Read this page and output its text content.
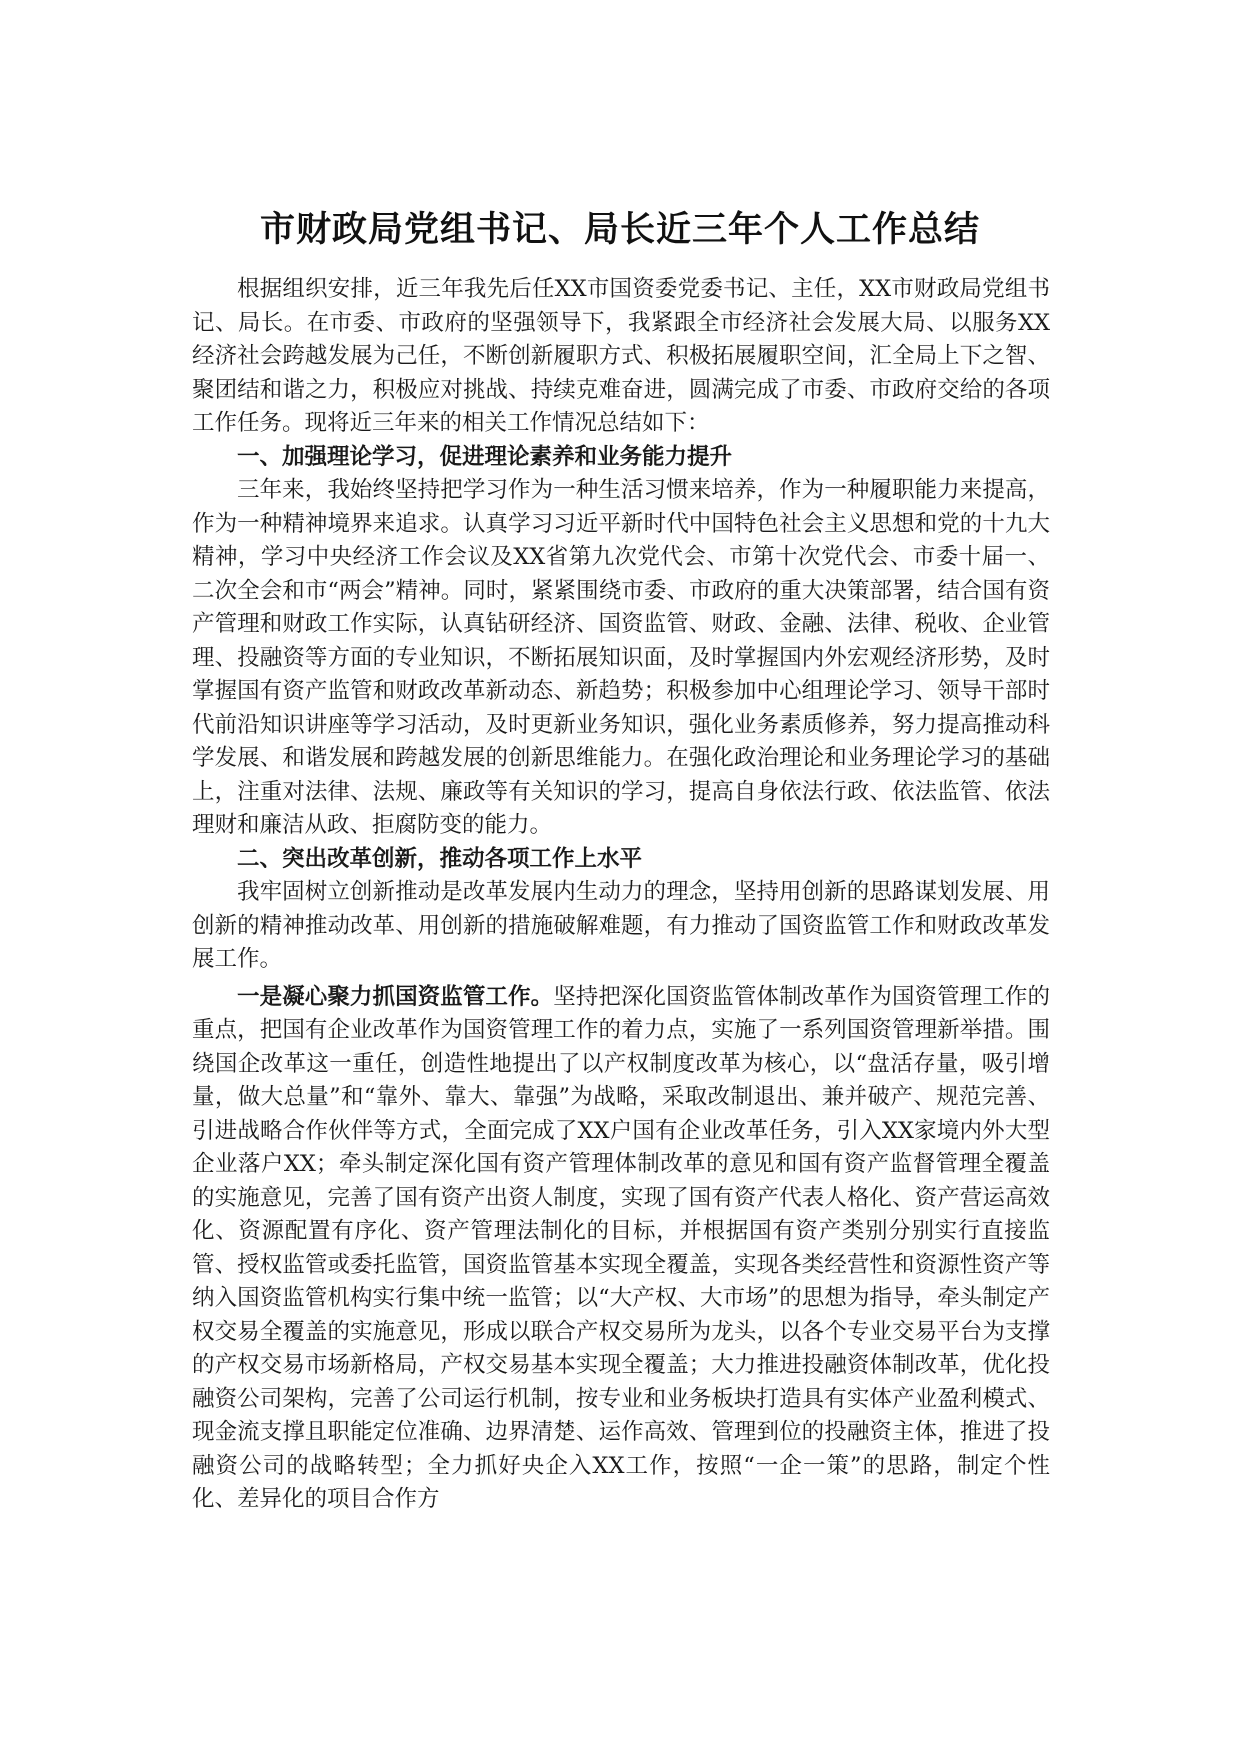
市财政局党组书记、局长近三年个人工作总结

根据组织安排，近三年我先后任XX市国资委党委书记、主任，XX市财政局党组书记、局长。在市委、市政府的坚强领导下，我紧跟全市经济社会发展大局、以服务XX经济社会跨越发展为己任，不断创新履职方式、积极拓展履职空间，汇全局上下之智、聚团结和谐之力，积极应对挑战、持续克难奋进，圆满完成了市委、市政府交给的各项工作任务。现将近三年来的相关工作情况总结如下：

一、加强理论学习，促进理论素养和业务能力提升

三年来，我始终坚持把学习作为一种生活习惯来培养，作为一种履职能力来提高，作为一种精神境界来追求。认真学习习近平新时代中国特色社会主义思想和党的十九大精神，学习中央经济工作会议及XX省第九次党代会、市第十次党代会、市委十届一、二次全会和市“两会”精神。同时，紧紧围绕市委、市政府的重大决策部署，结合国有资产管理和财政工作实际，认真钻研经济、国资监管、财政、金融、法律、税收、企业管理、投融资等方面的专业知识，不断拓展知识面，及时掌握国内外宏观经济形势，及时掌握国有资产监管和财政改革新动态、新趋势；积极参加中心组理论学习、领导干部时代前沿知识讲座等学习活动，及时更新业务知识，强化业务素质修养，努力提高推动科学发展、和谐发展和跨越发展的创新思维能力。在强化政治理论和业务理论学习的基础上，注重对法律、法规、廉政等有关知识的学习，提高自身依法行政、依法监管、依法理财和廉洁从政、拒腐防变的能力。

二、突出改革创新，推动各项工作上水平

我牢固树立创新推动是改革发展内生动力的理念，坚持用创新的思路谋划发展、用创新的精神推动改革、用创新的措施破解难题，有力推动了国资监管工作和财政改革发展工作。

一是凝心聚力抓国资监管工作。坚持把深化国资监管体制改革作为国资管理工作的重点，把国有企业改革作为国资管理工作的着力点，实施了一系列国资管理新举措。围绕国企改革这一重任，创造性地提出了以产权制度改革为核心，以“盘活存量，吸引增量，做大总量”和“靠外、靠大、靠强”为战略，采取改制退出、兼并破产、规范完善、引进战略合作伙伴等方式，全面完成了XX户国有企业改革任务，引入XX家境内外大型企业落户XX；牵头制定深化国有资产管理体制改革的意见和国有资产监督管理全覆盖的实施意见，完善了国有资产出资人制度，实现了国有资产代表人格化、资产营运高效化、资源配置有序化、资产管理法制化的目标，并根据国有资产类别分别实行直接监管、授权监管或委托监管，国资监管基本实现全覆盖，实现各类经营性和资源性资产等纳入国资监管机构实行集中统一监管；以“大产权、大市场”的思想为指导，牵头制定产权交易全覆盖的实施意见，形成以联合产权交易所为龙头，以各个专业交易平台为支撑的产权交易市场新格局，产权交易基本实现全覆盖；大力推进投融资体制改革，优化投融资公司架构，完善了公司运行机制，按专业和业务板块打造具有实体产业盈利模式、现金流支撑且职能定位准确、边界清楚、运作高效、管理到位的投融资主体，推进了投融资公司的战略转型；全力抓好央企入XX工作，按照“一企一策”的思路，制定个性化、差异化的项目合作方
